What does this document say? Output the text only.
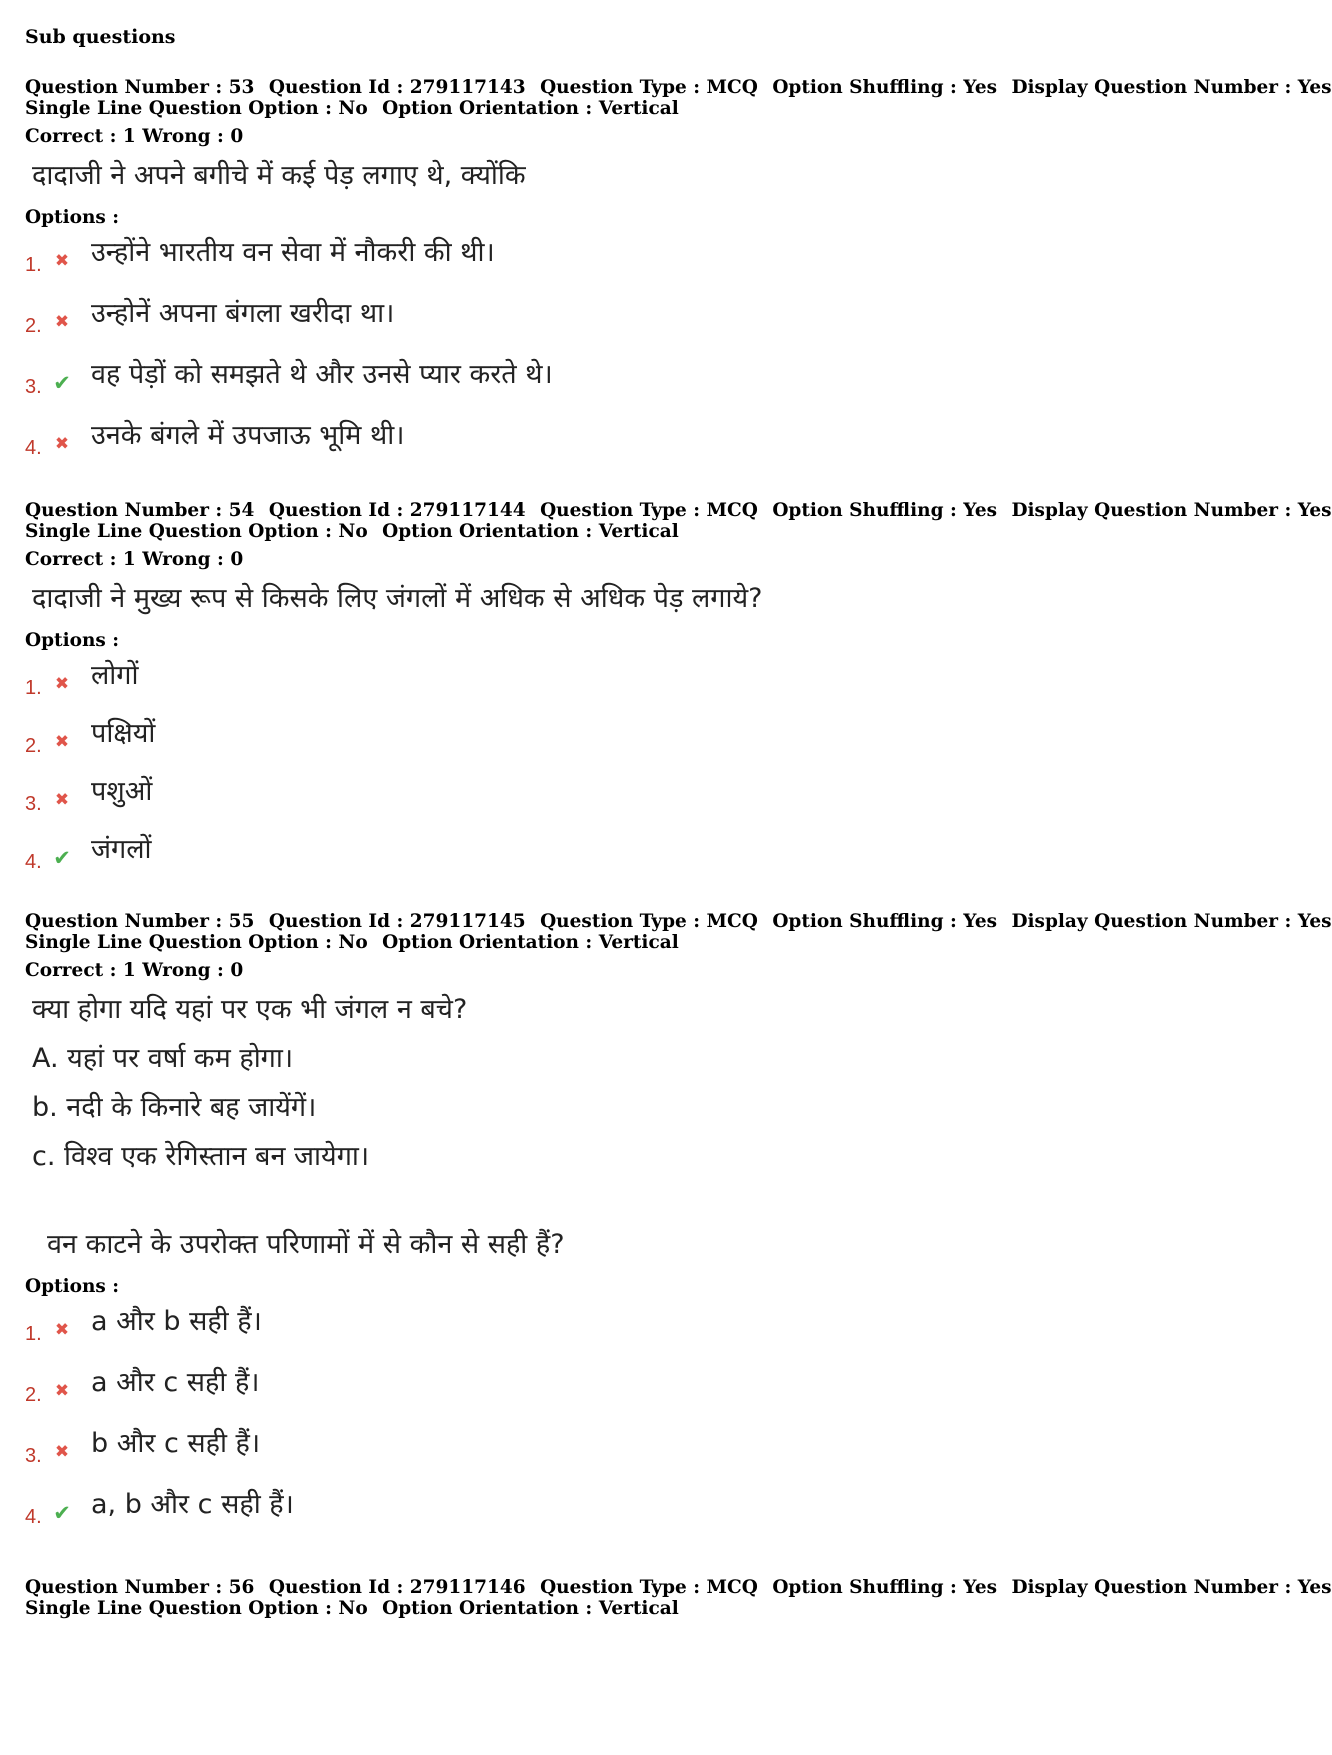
Sub questions
Question Number : 53 Question Id : 279117143 Question Type : MCQ Option Shuffling : Yes Display Question Number : Yes
Single Line Question Option : No Option Orientation : Vertical
Correct : 1 Wrong : 0
दादाजी ने अपने बगीचे में कई पेड़ लगाए थे, क्योंकि
Options :
1. ✖ उन्होंने भारतीय वन सेवा में नौकरी की थी।
2. ✖ उन्होनें अपना बंगला खरीदा था।
3. ✔ वह पेड़ों को समझते थे और उनसे प्यार करते थे।
4. ✖ उनके बंगले में उपजाऊ भूमि थी।
Question Number : 54 Question Id : 279117144 Question Type : MCQ Option Shuffling : Yes Display Question Number : Yes
Single Line Question Option : No Option Orientation : Vertical
Correct : 1 Wrong : 0
दादाजी ने मुख्य रूप से किसके लिए जंगलों में अधिक से अधिक पेड़ लगाये?
Options :
1. ✖ लोगों
2. ✖ पक्षियों
3. ✖ पशुओं
4. ✔ जंगलों
Question Number : 55 Question Id : 279117145 Question Type : MCQ Option Shuffling : Yes Display Question Number : Yes
Single Line Question Option : No Option Orientation : Vertical
Correct : 1 Wrong : 0
क्या होगा यदि यहां पर एक भी जंगल न बचे?
A. यहां पर वर्षा कम होगा।
b. नदी के किनारे बह जायेंगें।
c. विश्व एक रेगिस्तान बन जायेगा।
वन काटने के उपरोक्त परिणामों में से कौन से सही हैं?
Options :
1. ✖ a और b सही हैं।
2. ✖ a और c सही हैं।
3. ✖ b और c सही हैं।
4. ✔ a, b और c सही हैं।
Question Number : 56 Question Id : 279117146 Question Type : MCQ Option Shuffling : Yes Display Question Number : Yes
Single Line Question Option : No Option Orientation : Vertical
